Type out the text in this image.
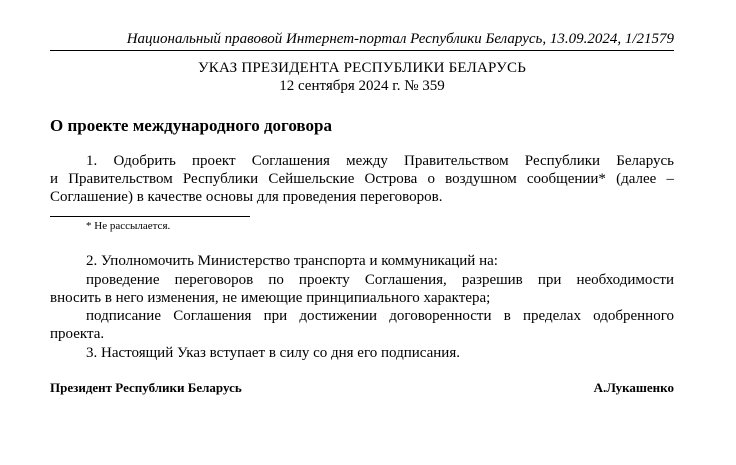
Национальный правовой Интернет-портал Республики Беларусь, 13.09.2024, 1/21579
УКАЗ ПРЕЗИДЕНТА РЕСПУБЛИКИ БЕЛАРУСЬ
12 сентября 2024 г. № 359
О проекте международного договора
1. Одобрить проект Соглашения между Правительством Республики Беларусь
и Правительством Республики Сейшельские Острова о воздушном сообщении* (далее –
Соглашение) в качестве основы для проведения переговоров.
* Не рассылается.
2. Уполномочить Министерство транспорта и коммуникаций на:
проведение переговоров по проекту Соглашения, разрешив при необходимости
вносить в него изменения, не имеющие принципиального характера;
подписание Соглашения при достижении договоренности в пределах одобренного
проекта.
3. Настоящий Указ вступает в силу со дня его подписания.
Президент Республики Беларусь	А.Лукашенко
